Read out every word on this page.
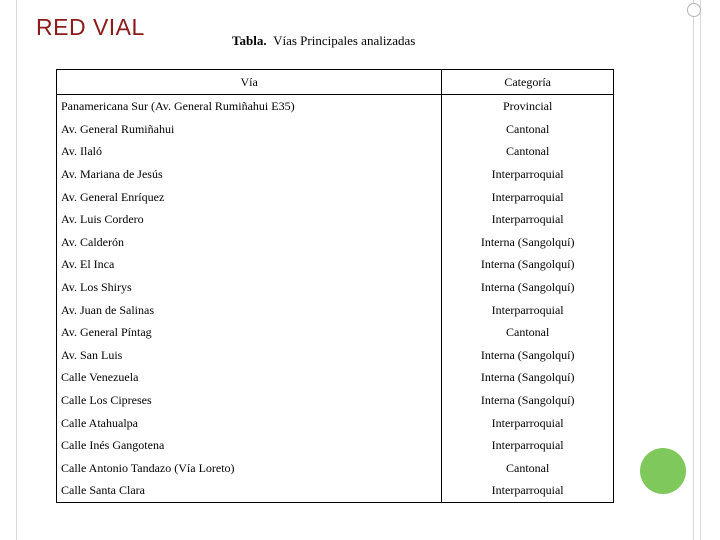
RED VIAL
Tabla. Vías Principales analizadas
Vía	Categoría
Panamericana Sur (Av. General Rumiñahui E35)	Provincial
Av. General Rumiñahui	Cantonal
Av. Ilaló	Cantonal
Av. Mariana de Jesús	Interparroquial
Av. General Enríquez	Interparroquial
Av. Luis Cordero	Interparroquial
Av. Calderón	Interna (Sangolquí)
Av. El Inca	Interna (Sangolquí)
Av. Los Shirys	Interna (Sangolquí)
Av. Juan de Salinas	Interparroquial
Av. General Píntag	Cantonal
Av. San Luis	Interna (Sangolquí)
Calle Venezuela	Interna (Sangolquí)
Calle Los Cipreses	Interna (Sangolquí)
Calle Atahualpa	Interparroquial
Calle Inés Gangotena	Interparroquial
Calle Antonio Tandazo (Vía Loreto)	Cantonal
Calle Santa Clara	Interparroquial
